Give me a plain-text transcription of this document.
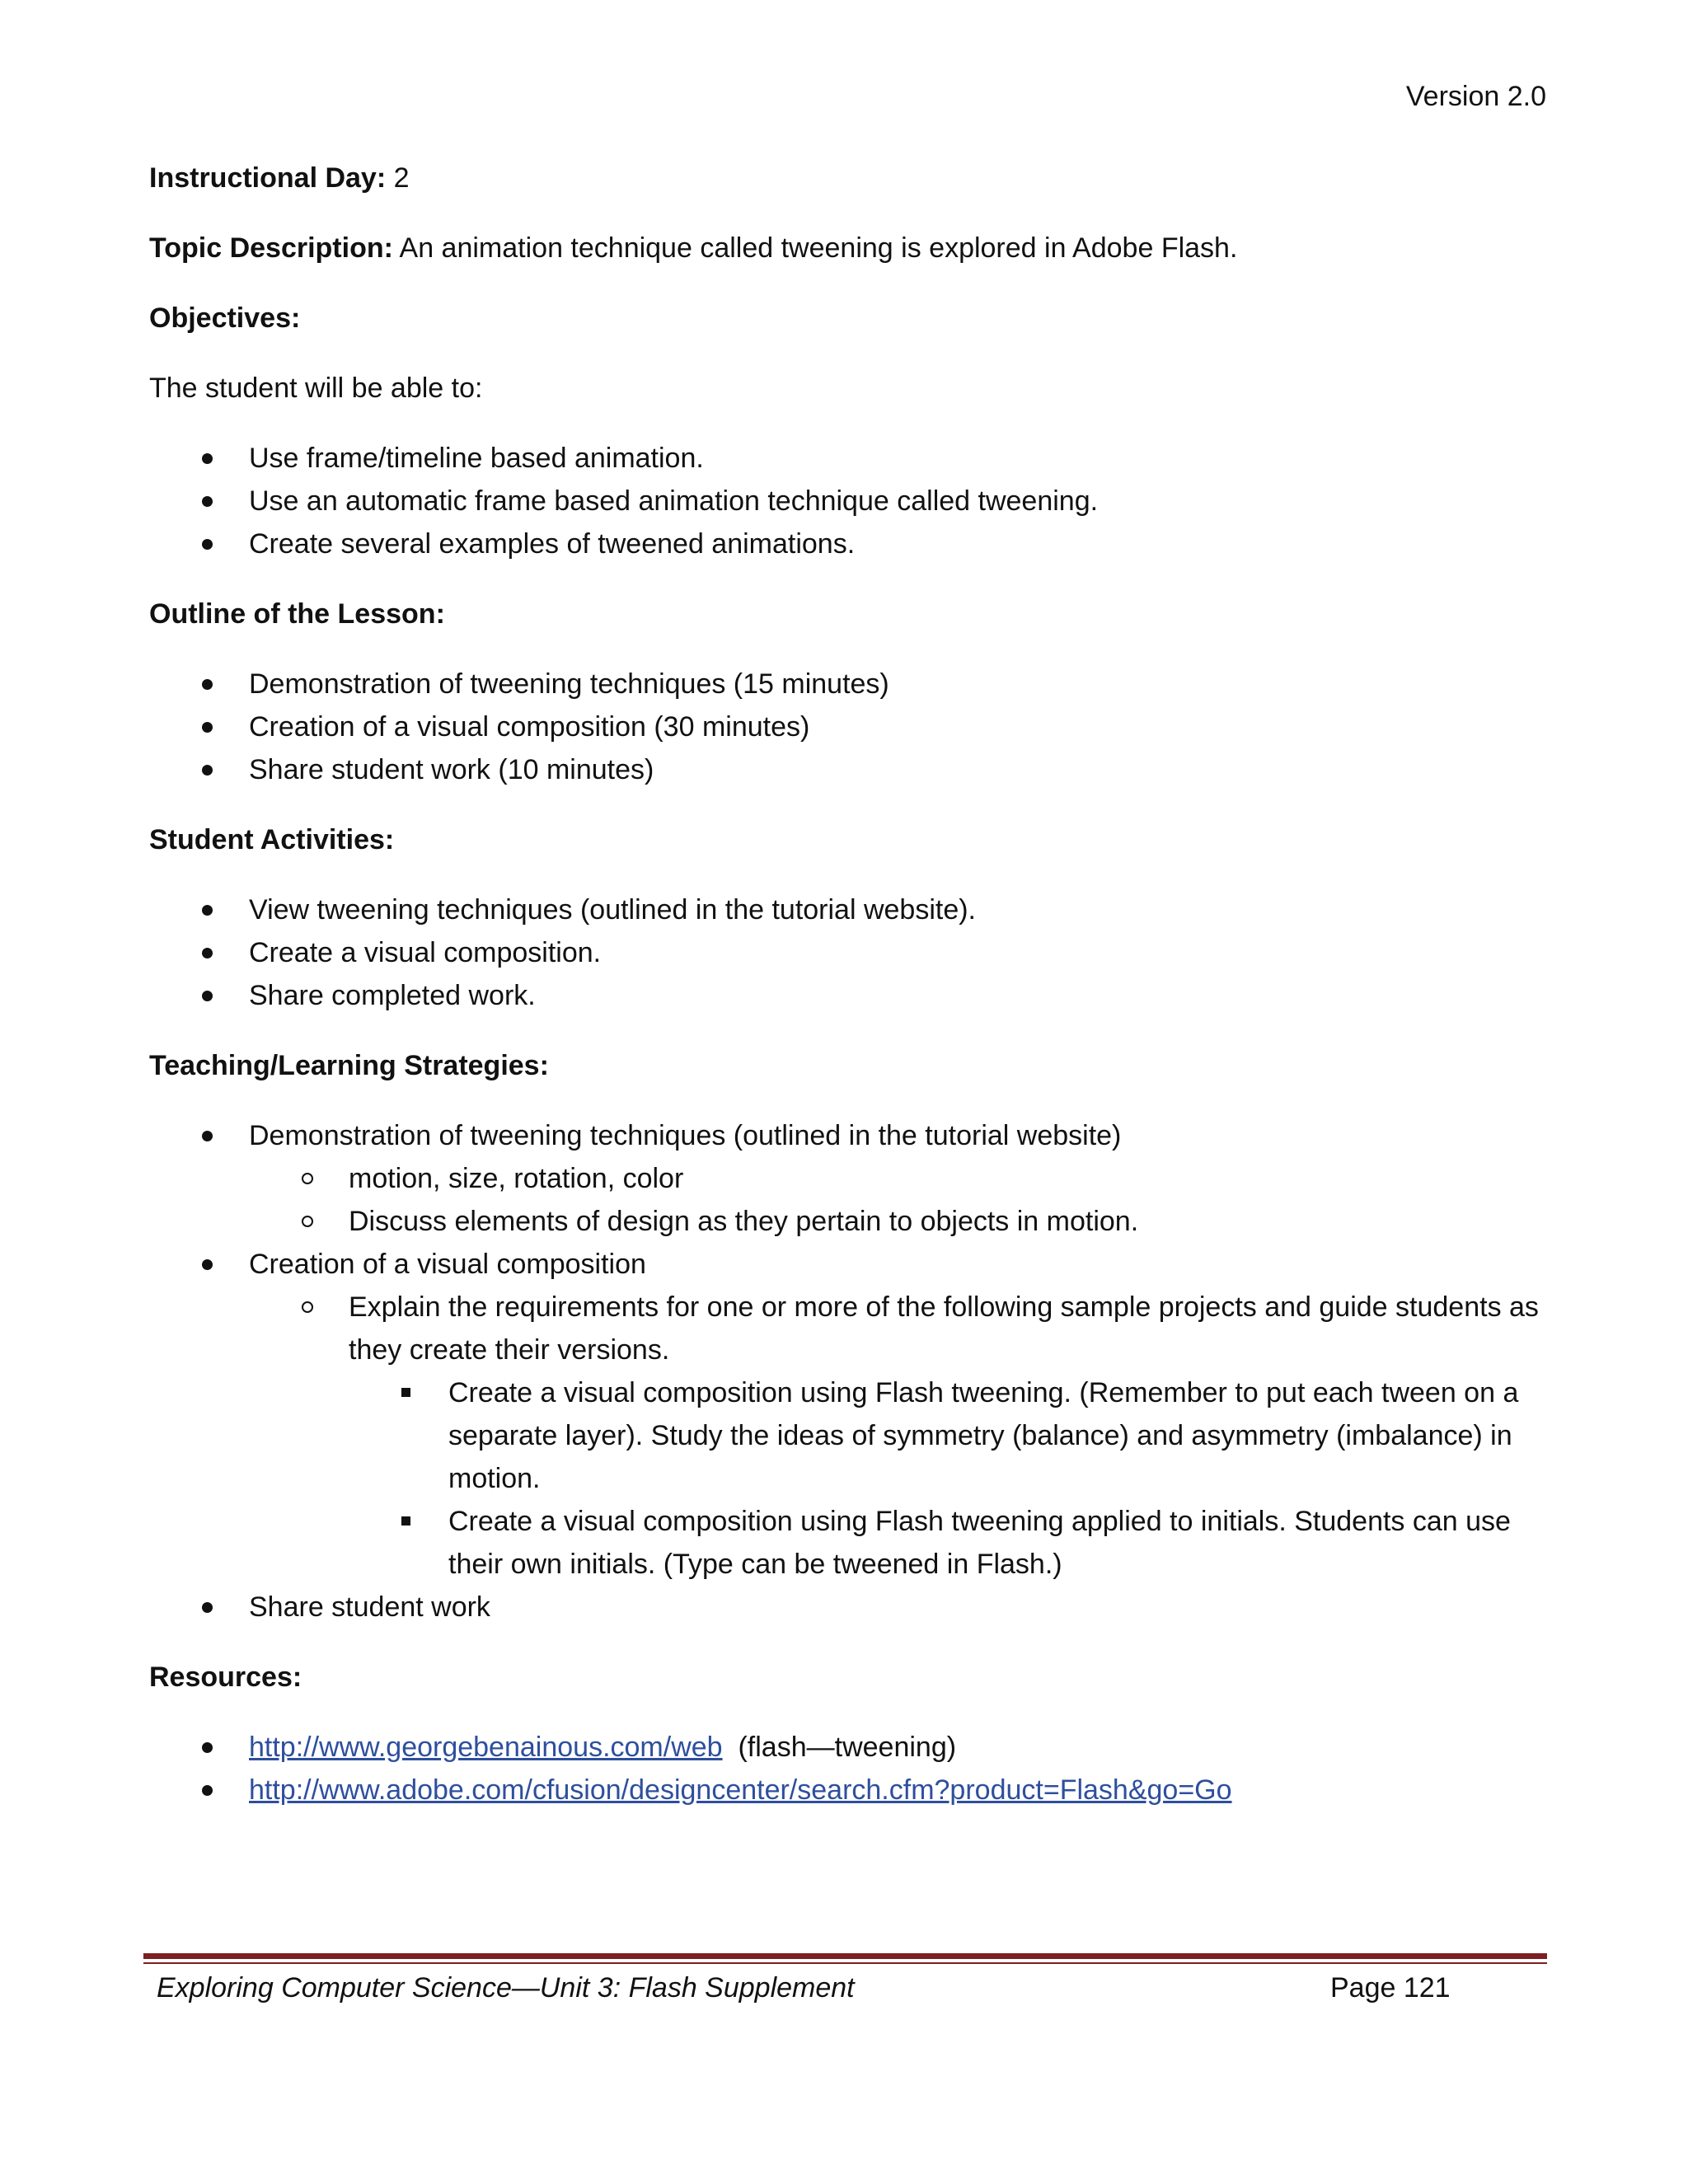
Version 2.0

Instructional Day: 2

Topic Description: An animation technique called tweening is explored in Adobe Flash.

Objectives:

The student will be able to:

Use frame/timeline based animation.
Use an automatic frame based animation technique called tweening.
Create several examples of tweened animations.

Outline of the Lesson:

Demonstration of tweening techniques (15 minutes)
Creation of a visual composition (30 minutes)
Share student work (10 minutes)

Student Activities:

View tweening techniques (outlined in the tutorial website).
Create a visual composition.
Share completed work.

Teaching/Learning Strategies:

Demonstration of tweening techniques (outlined in the tutorial website)
motion, size, rotation, color
Discuss elements of design as they pertain to objects in motion.
Creation of a visual composition
Explain the requirements for one or more of the following sample projects and guide students as they create their versions.
Create a visual composition using Flash tweening. (Remember to put each tween on a separate layer). Study the ideas of symmetry (balance) and asymmetry (imbalance) in motion.
Create a visual composition using Flash tweening applied to initials. Students can use their own initials. (Type can be tweened in Flash.)
Share student work

Resources:

http://www.georgebenainous.com/web (flash—tweening)
http://www.adobe.com/cfusion/designcenter/search.cfm?product=Flash&go=Go
Exploring Computer Science—Unit 3: Flash Supplement	Page 121
